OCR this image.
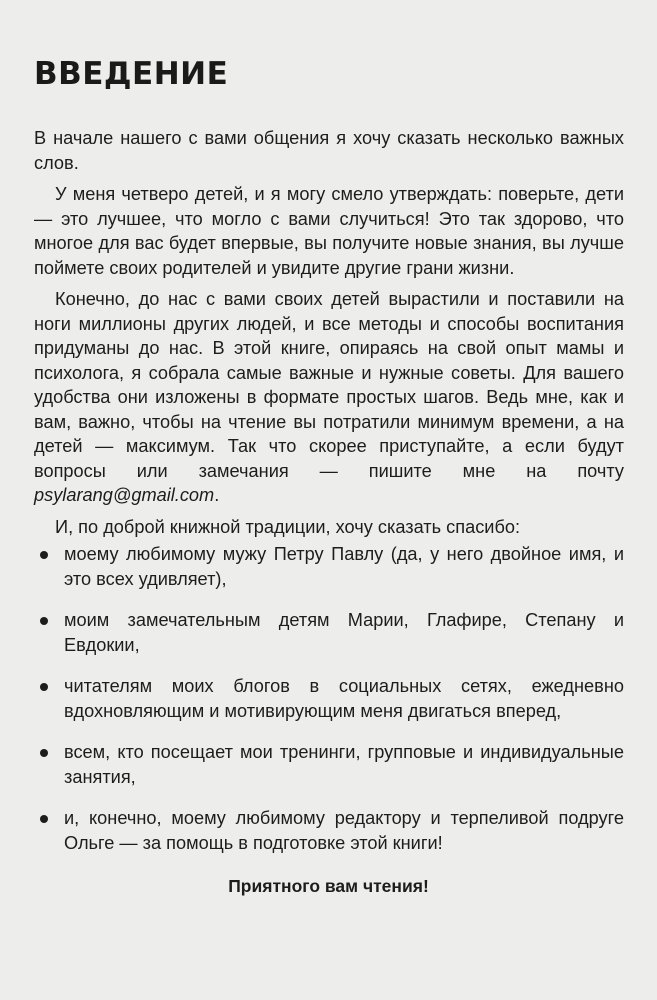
ВВЕДЕНИЕ

В начале нашего с вами общения я хочу сказать несколько важных слов.

У меня четверо детей, и я могу смело утверждать: поверьте, дети — это лучшее, что могло с вами случиться! Это так здорово, что многое для вас будет впервые, вы получите новые знания, вы лучше поймете своих родителей и увидите другие грани жизни.

Конечно, до нас с вами своих детей вырастили и поставили на ноги миллионы других людей, и все методы и способы воспитания придуманы до нас. В этой книге, опираясь на свой опыт мамы и психолога, я собрала самые важные и нужные советы. Для вашего удобства они изложены в формате простых шагов. Ведь мне, как и вам, важно, чтобы на чтение вы потратили минимум времени, а на детей — максимум. Так что скорее приступайте, а если будут вопросы или замечания — пишите мне на почту psylarang@gmail.com.

И, по доброй книжной традиции, хочу сказать спасибо:

моему любимому мужу Петру Павлу (да, у него двойное имя, и это всех удивляет),
моим замечательным детям Марии, Глафире, Степану и Евдокии,
читателям моих блогов в социальных сетях, ежедневно вдохновляющим и мотивирующим меня двигаться вперед,
всем, кто посещает мои тренинги, групповые и индивидуальные занятия,
и, конечно, моему любимому редактору и терпеливой подруге Ольге — за помощь в подготовке этой книги!

Приятного вам чтения!
